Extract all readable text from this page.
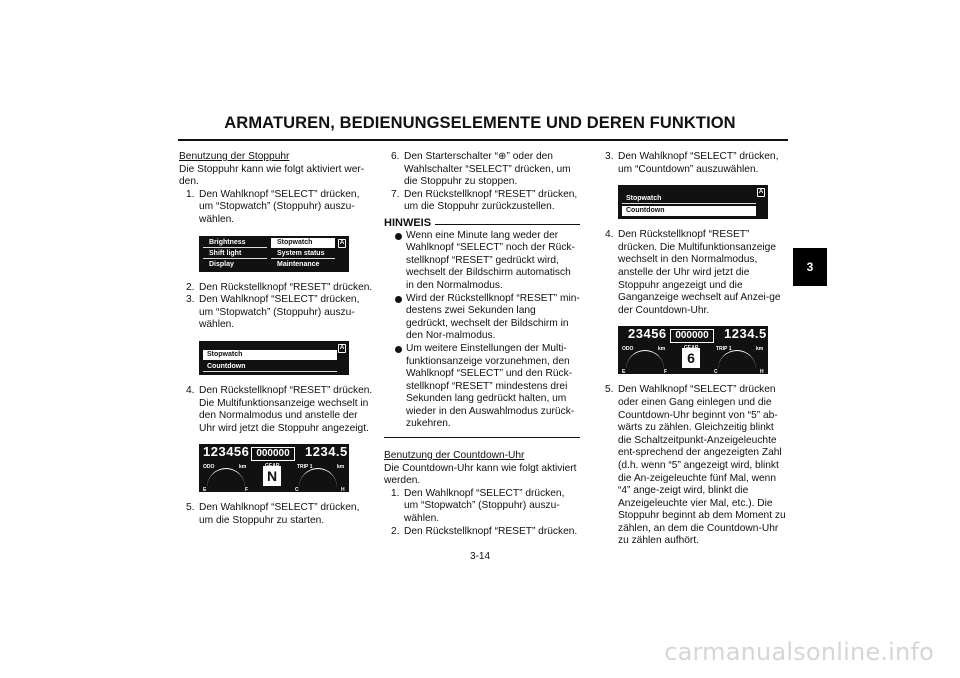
ARMATUREN, BEDIENUNGSELEMENTE UND DEREN FUNKTION
3
Benutzung der Stoppuhr
Die Stoppuhr kann wie folgt aktiviert wer-den.
1. Den Wahlknopf “SELECT” drücken, um “Stopwatch” (Stoppuhr) auszu-wählen.
Brightness	Stopwatch
Shift light	System status
Display	Maintenance
A
2. Den Rückstellknopf “RESET” drücken.
3. Den Wahlknopf “SELECT” drücken, um “Stopwatch” (Stoppuhr) auszu-wählen.
Stopwatch
Countdown
A
4. Den Rückstellknopf “RESET” drücken. Die Multifunktionsanzeige wechselt in den Normalmodus und anstelle der Uhr wird jetzt die Stoppuhr angezeigt.
123456 000000	1234.5
ODO	km	TRIP 1	km
N
E	F	C	H
5. Den Wahlknopf “SELECT” drücken, um die Stoppuhr zu starten.
6. Den Starterschalter “⊕” oder den Wahlschalter “SELECT” drücken, um die Stoppuhr zu stoppen.
7. Den Rückstellknopf “RESET” drücken, um die Stoppuhr zurückzustellen.
HINWEIS
Wenn eine Minute lang weder der Wahlknopf “SELECT” noch der Rück-stellknopf “RESET” gedrückt wird, wechselt der Bildschirm automatisch in den Normalmodus.
Wird der Rückstellknopf “RESET” min-destens zwei Sekunden lang gedrückt, wechselt der Bildschirm in den Nor-malmodus.
Um weitere Einstellungen der Multi-funktionsanzeige vorzunehmen, den Wahlknopf “SELECT” und den Rück-stellknopf “RESET” mindestens drei Sekunden lang gedrückt halten, um wieder in den Auswahlmodus zurück-zukehren.
Benutzung der Countdown-Uhr
Die Countdown-Uhr kann wie folgt aktiviert werden.
1. Den Wahlknopf “SELECT” drücken, um “Stopwatch” (Stoppuhr) auszu-wählen.
2. Den Rückstellknopf “RESET” drücken.
3. Den Wahlknopf “SELECT” drücken, um “Countdown” auszuwählen.
Stopwatch
Countdown
A
4. Den Rückstellknopf “RESET” drücken. Die Multifunktionsanzeige wechselt in den Normalmodus, anstelle der Uhr wird jetzt die Stoppuhr angezeigt und die Ganganzeige wechselt auf Anzei-ge der Countdown-Uhr.
23456 000000	1234.5
ODO	km	TRIP 1	km
6
E	F	C	H
5. Den Wahlknopf “SELECT” drücken oder einen Gang einlegen und die Countdown-Uhr beginnt von “5” ab-wärts zu zählen. Gleichzeitig blinkt die Schaltzeitpunkt-Anzeigeleuchte ent-sprechend der angezeigten Zahl (d.h. wenn “5” angezeigt wird, blinkt die An-zeigeleuchte fünf Mal, wenn “4” ange-zeigt wird, blinkt die Anzeigeleuchte vier Mal, etc.). Die Stoppuhr beginnt ab dem Moment zu zählen, an dem die Countdown-Uhr zu zählen aufhört.
3-14
carmanualsonline.info
